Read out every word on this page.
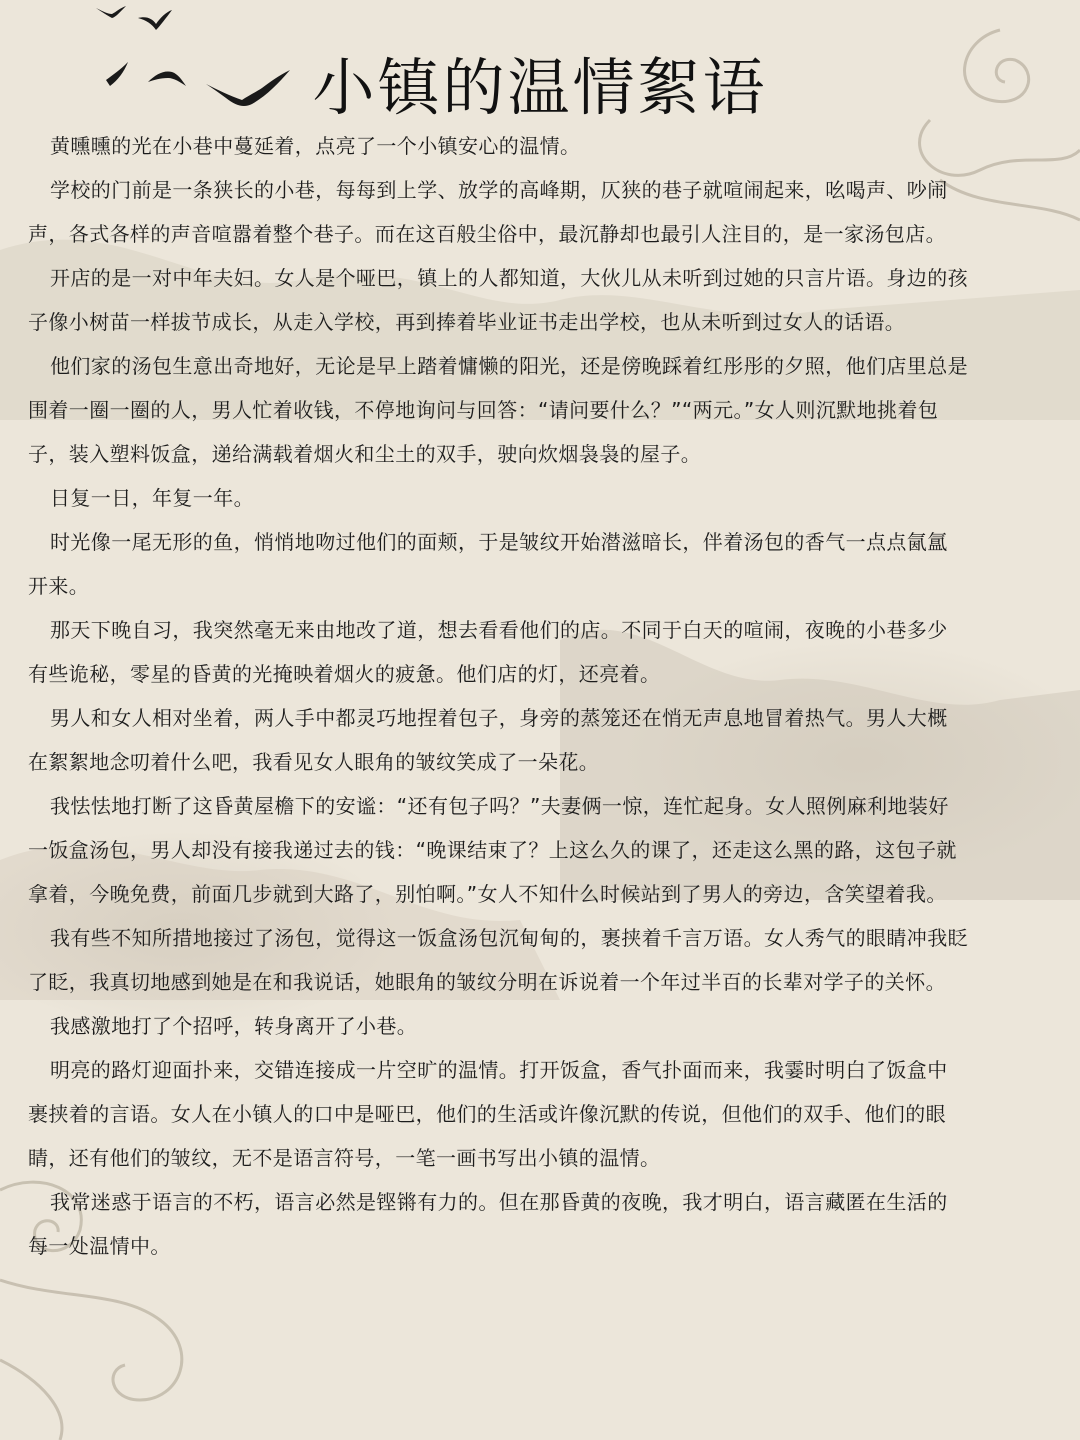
小镇的温情絮语

黄曛曛的光在小巷中蔓延着，点亮了一个小镇安心的温情。

学校的门前是一条狭长的小巷，每每到上学、放学的高峰期，仄狭的巷子就喧闹起来，吆喝声、吵闹
声，各式各样的声音喧嚣着整个巷子。而在这百般尘俗中，最沉静却也最引人注目的，是一家汤包店。

开店的是一对中年夫妇。女人是个哑巴，镇上的人都知道，大伙儿从未听到过她的只言片语。身边的孩
子像小树苗一样拔节成长，从走入学校，再到捧着毕业证书走出学校，也从未听到过女人的话语。

他们家的汤包生意出奇地好，无论是早上踏着慵懒的阳光，还是傍晚踩着红彤彤的夕照，他们店里总是
围着一圈一圈的人，男人忙着收钱，不停地询问与回答：“请问要什么？”“两元。”女人则沉默地挑着包
子，装入塑料饭盒，递给满载着烟火和尘土的双手，驶向炊烟袅袅的屋子。

日复一日，年复一年。

时光像一尾无形的鱼，悄悄地吻过他们的面颊，于是皱纹开始潜滋暗长，伴着汤包的香气一点点氤氲
开来。

那天下晚自习，我突然毫无来由地改了道，想去看看他们的店。不同于白天的喧闹，夜晚的小巷多少
有些诡秘，零星的昏黄的光掩映着烟火的疲惫。他们店的灯，还亮着。

男人和女人相对坐着，两人手中都灵巧地捏着包子，身旁的蒸笼还在悄无声息地冒着热气。男人大概
在絮絮地念叨着什么吧，我看见女人眼角的皱纹笑成了一朵花。

我怯怯地打断了这昏黄屋檐下的安谧：“还有包子吗？”夫妻俩一惊，连忙起身。女人照例麻利地装好
一饭盒汤包，男人却没有接我递过去的钱：“晚课结束了？上这么久的课了，还走这么黑的路，这包子就
拿着，今晚免费，前面几步就到大路了，别怕啊。”女人不知什么时候站到了男人的旁边，含笑望着我。

我有些不知所措地接过了汤包，觉得这一饭盒汤包沉甸甸的，裹挟着千言万语。女人秀气的眼睛冲我眨
了眨，我真切地感到她是在和我说话，她眼角的皱纹分明在诉说着一个年过半百的长辈对学子的关怀。

我感激地打了个招呼，转身离开了小巷。

明亮的路灯迎面扑来，交错连接成一片空旷的温情。打开饭盒，香气扑面而来，我霎时明白了饭盒中
裹挟着的言语。女人在小镇人的口中是哑巴，他们的生活或许像沉默的传说，但他们的双手、他们的眼
睛，还有他们的皱纹，无不是语言符号，一笔一画书写出小镇的温情。

我常迷惑于语言的不朽，语言必然是铿锵有力的。但在那昏黄的夜晚，我才明白，语言藏匿在生活的
每一处温情中。
